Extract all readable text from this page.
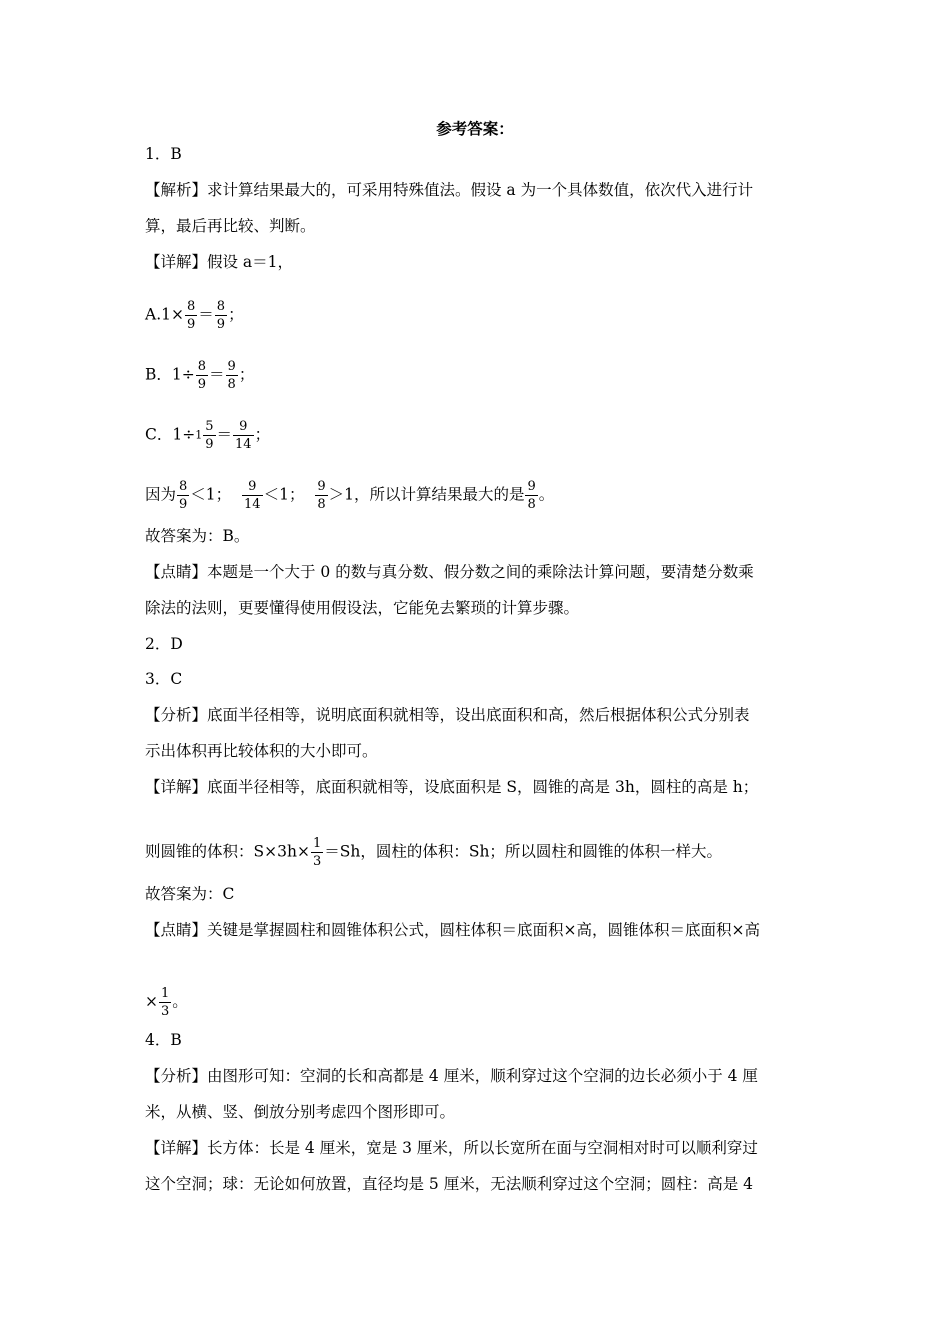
参考答案：
1．B
【解析】求计算结果最大的，可采用特殊值法。假设 a 为一个具体数值，依次代入进行计
算，最后再比较、判断。
【详解】假设 a＝1，
$A.1\times \frac{8}{9} = \frac{8}{9}$ ；
B．$1\div \frac{8}{9} = \frac{9}{8}$ ；
C．$1\div 1 \frac{5}{9} = \frac{9}{14}$ ；
因为 $\frac{8}{9} <1$； $\frac{9}{14} <1$； $\frac{9}{8} >1$，所以计算结果最大的是 $\frac{9}{8}$ 。
故答案为：B。
【点睛】本题是一个大于 0 的数与真分数、假分数之间的乘除法计算问题，要清楚分数乘
除法的法则，更要懂得使用假设法，它能免去繁琐的计算步骤。
2．D
3．C
【分析】底面半径相等，说明底面积就相等，设出底面积和高，然后根据体积公式分别表
示出体积再比较体积的大小即可。
【详解】底面半径相等，底面积就相等，设底面积是 S，圆锥的高是 3h，圆柱的高是 h；
则圆锥的体积：$S\times 3h\times \frac{1}{3} =Sh$，圆柱的体积：Sh；所以圆柱和圆锥的体积一样大。
故答案为：C
【点睛】关键是掌握圆柱和圆锥体积公式，圆柱体积＝底面积×高，圆锥体积＝底面积×高
× $\frac{1}{3}$ 。
4．B
【分析】由图形可知：空洞的长和高都是 4 厘米，顺利穿过这个空洞的边长必须小于 4 厘
米，从横、竖、倒放分别考虑四个图形即可。
【详解】长方体：长是 4 厘米，宽是 3 厘米，所以长宽所在面与空洞相对时可以顺利穿过
这个空洞；球：无论如何放置，直径均是 5 厘米，无法顺利穿过这个空洞；圆柱：高是 4
